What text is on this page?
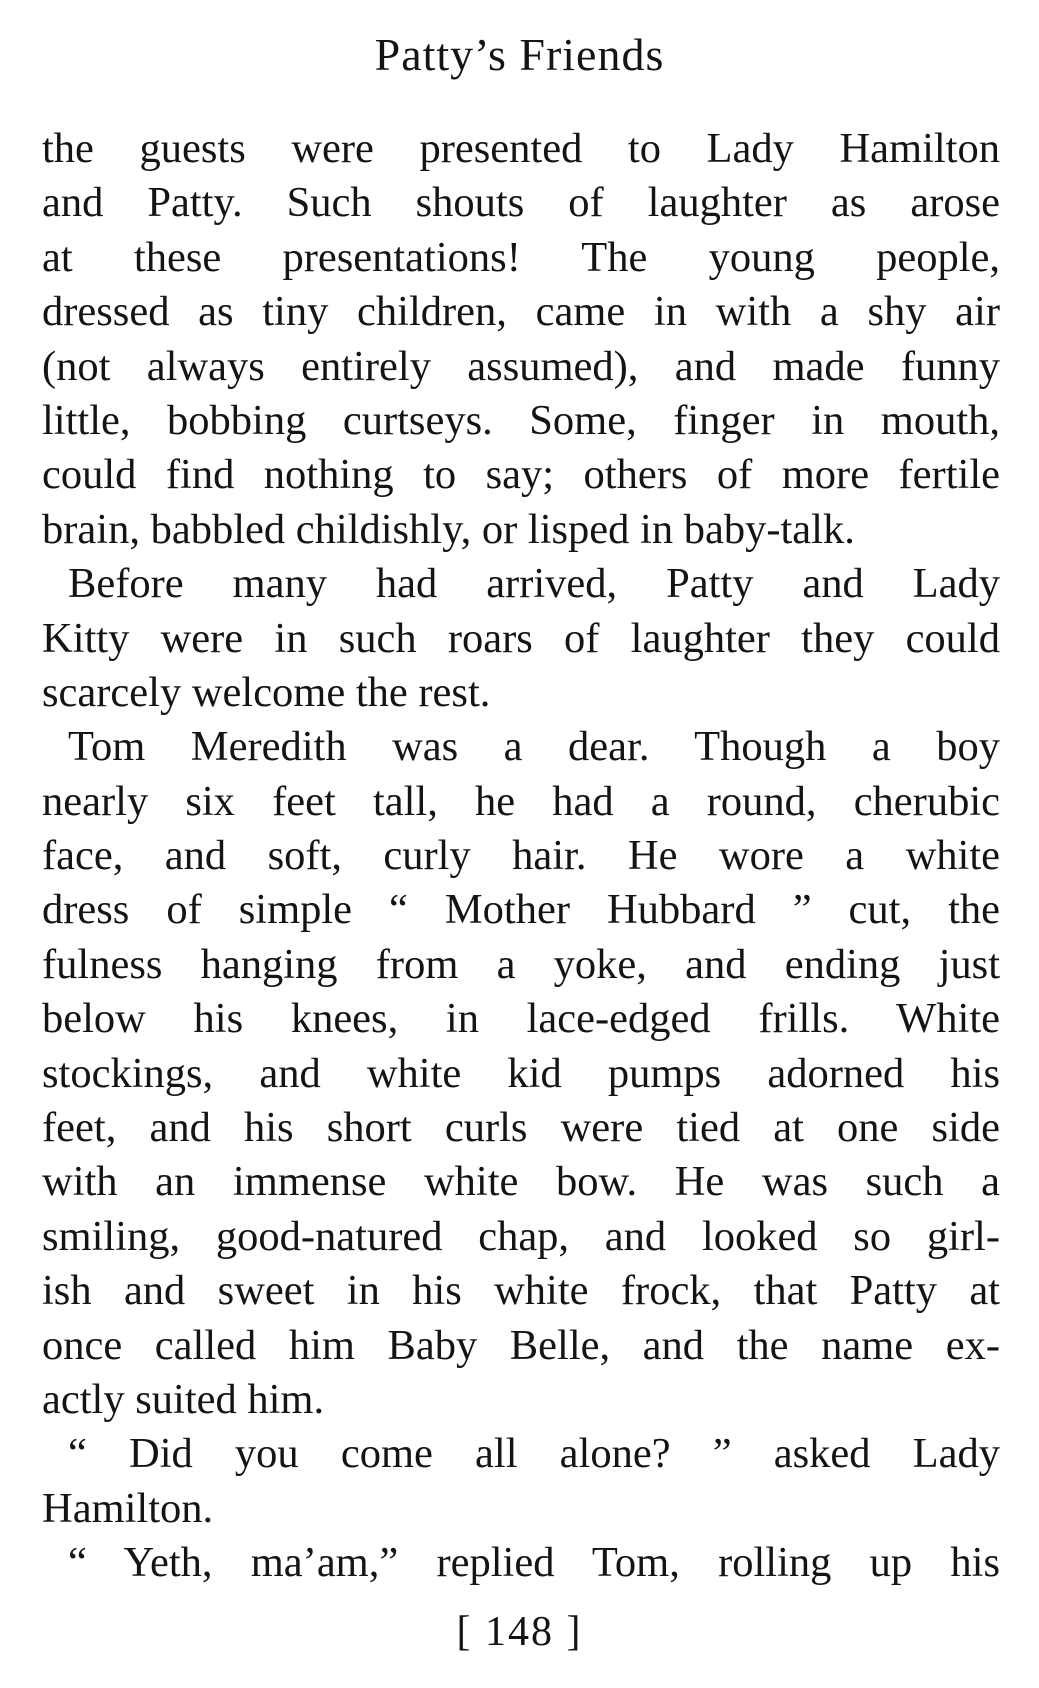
Patty’s Friends
the guests were presented to Lady Hamilton
and Patty. Such shouts of laughter as arose
at these presentations! The young people,
dressed as tiny children, came in with a shy air
(not always entirely assumed), and made funny
little, bobbing curtseys. Some, finger in mouth,
could find nothing to say; others of more fertile
brain, babbled childishly, or lisped in baby-talk.
Before many had arrived, Patty and Lady
Kitty were in such roars of laughter they could
scarcely welcome the rest.
Tom Meredith was a dear. Though a boy
nearly six feet tall, he had a round, cherubic
face, and soft, curly hair. He wore a white
dress of simple “ Mother Hubbard ” cut, the
fulness hanging from a yoke, and ending just
below his knees, in lace-edged frills. White
stockings, and white kid pumps adorned his
feet, and his short curls were tied at one side
with an immense white bow. He was such a
smiling, good-natured chap, and looked so girl-
ish and sweet in his white frock, that Patty at
once called him Baby Belle, and the name ex-
actly suited him.
“ Did you come all alone? ” asked Lady
Hamilton.
“ Yeth, ma’am,” replied Tom, rolling up his
[ 148 ]
